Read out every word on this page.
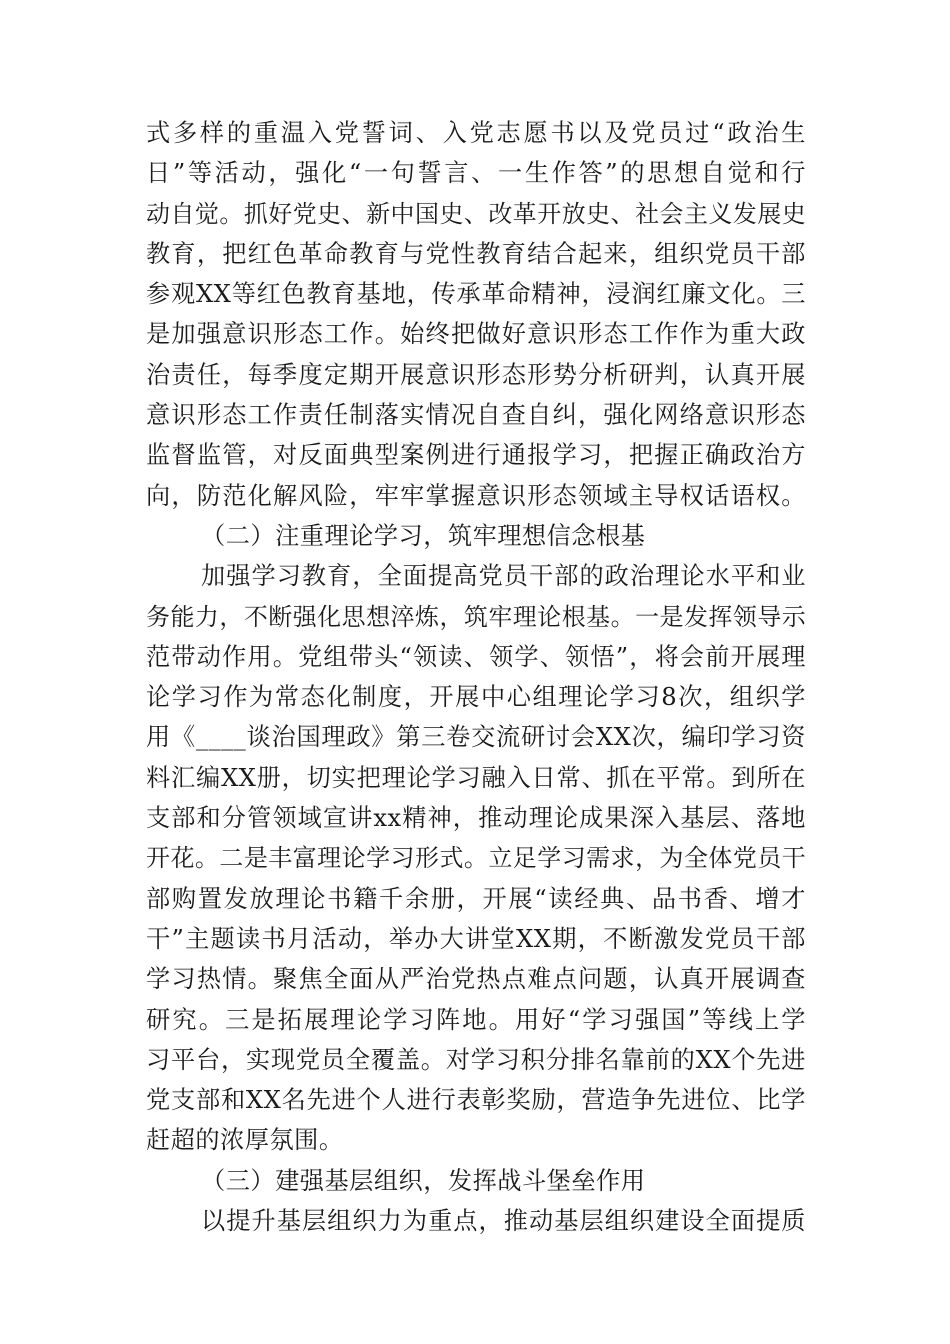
式多样的重温入党誓词、入党志愿书以及党员过“政治生
日”等活动，强化“一句誓言、一生作答”的思想自觉和行
动自觉。抓好党史、新中国史、改革开放史、社会主义发展史
教育，把红色革命教育与党性教育结合起来，组织党员干部
参观XX等红色教育基地，传承革命精神，浸润红廉文化。三
是加强意识形态工作。始终把做好意识形态工作作为重大政
治责任，每季度定期开展意识形态形势分析研判，认真开展
意识形态工作责任制落实情况自查自纠，强化网络意识形态
监督监管，对反面典型案例进行通报学习，把握正确政治方
向，防范化解风险，牢牢掌握意识形态领域主导权话语权。
（二）注重理论学习，筑牢理想信念根基
加强学习教育，全面提高党员干部的政治理论水平和业
务能力，不断强化思想淬炼，筑牢理论根基。一是发挥领导示
范带动作用。党组带头“领读、领学、领悟”，将会前开展理
论学习作为常态化制度，开展中心组理论学习8次，组织学
用《____谈治国理政》第三卷交流研讨会XX次，编印学习资
料汇编XX册，切实把理论学习融入日常、抓在平常。到所在
支部和分管领域宣讲xx精神，推动理论成果深入基层、落地
开花。二是丰富理论学习形式。立足学习需求，为全体党员干
部购置发放理论书籍千余册，开展“读经典、品书香、增才
干”主题读书月活动，举办大讲堂XX期，不断激发党员干部
学习热情。聚焦全面从严治党热点难点问题，认真开展调查
研究。三是拓展理论学习阵地。用好“学习强国”等线上学
习平台，实现党员全覆盖。对学习积分排名靠前的XX个先进
党支部和XX名先进个人进行表彰奖励，营造争先进位、比学
赶超的浓厚氛围。
（三）建强基层组织，发挥战斗堡垒作用
以提升基层组织力为重点，推动基层组织建设全面提质
